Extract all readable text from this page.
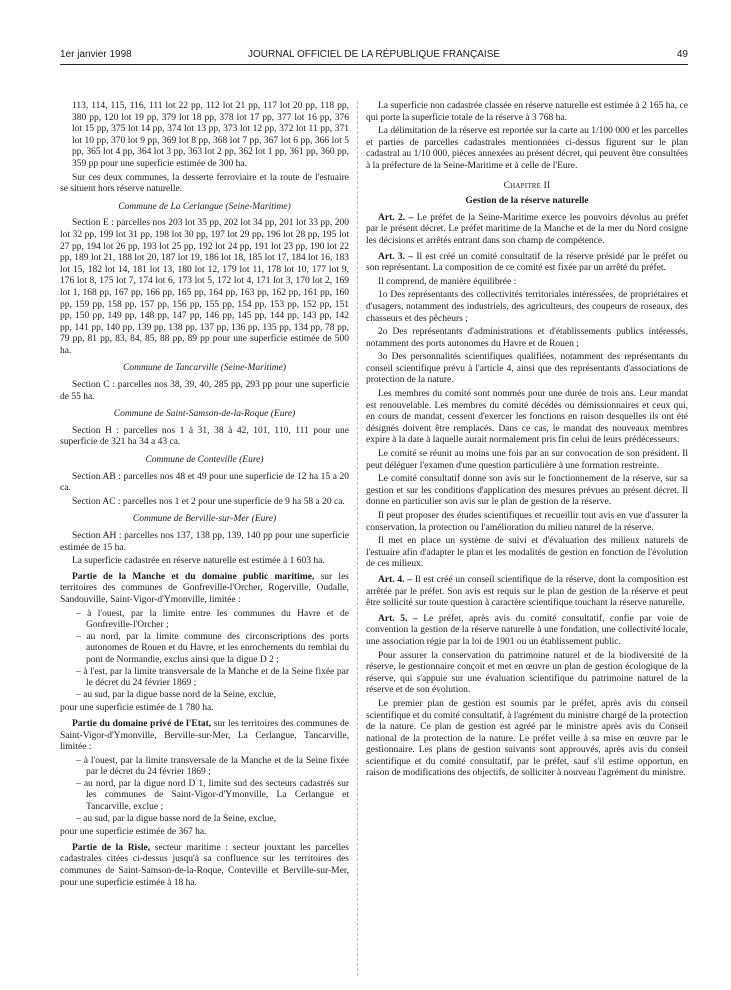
1er janvier 1998	JOURNAL OFFICIEL DE LA RÉPUBLIQUE FRANÇAISE	49

113, 114, 115, 116, 111 lot 22 pp, 112 lot 21 pp, 117 lot 20 pp, 118 pp, 380 pp, 120 lot 19 pp, 379 lot 18 pp, 378 lot 17 pp, 377 lot 16 pp, 376 lot 15 pp, 375 lot 14 pp, 374 lot 13 pp, 373 lot 12 pp, 372 lot 11 pp, 371 lot 10 pp, 370 lot 9 pp, 369 lot 8 pp, 368 lot 7 pp, 367 lot 6 pp, 366 lot 5 pp, 365 lot 4 pp, 364 lot 3 pp, 363 lot 2 pp, 362 lot 1 pp, 361 pp, 360 pp, 359 pp pour une superficie estimée de 300 ha.

Sur ces deux communes, la desserte ferroviaire et la route de l'estuaire se situent hors réserve naturelle.

Commune de La Cerlangue (Seine-Maritime)

Section E : parcelles nos 203 lot 35 pp, 202 lot 34 pp, 201 lot 33 pp, 200 lot 32 pp, 199 lot 31 pp, 198 lot 30 pp, 197 lot 29 pp, 196 lot 28 pp, 195 lot 27 pp, 194 lot 26 pp, 193 lot 25 pp, 192 lot 24 pp, 191 lot 23 pp, 190 lot 22 pp, 189 lot 21, 188 lot 20, 187 lot 19, 186 lot 18, 185 lot 17, 184 lot 16, 183 lot 15, 182 lot 14, 181 lot 13, 180 lot 12, 179 lot 11, 178 lot 10, 177 lot 9, 176 lot 8, 175 lot 7, 174 lot 6, 173 lot 5, 172 lot 4, 171 lot 3, 170 lot 2, 169 lot 1, 168 pp, 167 pp, 166 pp, 165 pp, 164 pp, 163 pp, 162 pp, 161 pp, 160 pp, 159 pp, 158 pp, 157 pp, 156 pp, 155 pp, 154 pp, 153 pp, 152 pp, 151 pp, 150 pp, 149 pp, 148 pp, 147 pp, 146 pp, 145 pp, 144 pp, 143 pp, 142 pp, 141 pp, 140 pp, 139 pp, 138 pp, 137 pp, 136 pp, 135 pp, 134 pp, 78 pp, 79 pp, 81 pp, 83, 84, 85, 88 pp, 89 pp pour une superficie estimée de 500 ha.

Commune de Tancarville (Seine-Maritime)

Section C : parcelles nos 38, 39, 40, 285 pp, 293 pp pour une superficie de 55 ha.

Commune de Saint-Samson-de-la-Roque (Eure)

Section H : parcelles nos 1 à 31, 38 à 42, 101, 110, 111 pour une superficie de 321 ha 34 a 43 ca.

Commune de Conteville (Eure)

Section AB : parcelles nos 48 et 49 pour une superficie de 12 ha 15 a 20 ca.

Section AC : parcelles nos 1 et 2 pour une superficie de 9 ha 58 a 20 ca.

Commune de Berville-sur-Mer (Eure)

Section AH : parcelles nos 137, 138 pp, 139, 140 pp pour une superficie estimée de 15 ha.

La superficie cadastrée en réserve naturelle est estimée à 1 603 ha.

Partie de la Manche et du domaine public maritime, sur les territoires des communes de Gonfreville-l'Orcher, Rogerville, Oudalle, Sandouville, Saint-Vigor-d'Ymonville, limitée :

– à l'ouest, par la limite entre les communes du Havre et de Gonfreville-l'Orcher ;
– au nord, par la limite commune des circonscriptions des ports autonomes de Rouen et du Havre, et les enrochements du remblai du pont de Normandie, exclus ainsi que la digue D 2 ;
– à l'est, par la limite transversale de la Manche et de la Seine fixée par le décret du 24 février 1869 ;
– au sud, par la digue basse nord de la Seine, exclue,

pour une superficie estimée de 1 780 ha.

Partie du domaine privé de l'Etat, sur les territoires des communes de Saint-Vigor-d'Ymonville, Berville-sur-Mer, La Cerlangue, Tancarville, limitée :

– à l'ouest, par la limite transversale de la Manche et de la Seine fixée par le décret du 24 février 1869 ;
– au nord, par la digue nord D 1, limite sud des secteurs cadastrés sur les communes de Saint-Vigor-d'Ymonville, La Cerlangue et Tancarville, exclue ;
– au sud, par la digue basse nord de la Seine, exclue,

pour une superficie estimée de 367 ha.

Partie de la Risle, secteur maritime : secteur jouxtant les parcelles cadastrales citées ci-dessus jusqu'à sa confluence sur les territoires des communes de Saint-Samson-de-la-Roque, Conteville et Berville-sur-Mer, pour une superficie estimée à 18 ha.

La superficie non cadastrée classée en réserve naturelle est estimée à 2 165 ha, ce qui porte la superficie totale de la réserve à 3 768 ha.

La délimitation de la réserve est reportée sur la carte au 1/100 000 et les parcelles et parties de parcelles cadastrales mentionnées ci-dessus figurent sur le plan cadastral au 1/10 000, pièces annexées au présent décret, qui peuvent être consultées à la préfecture de la Seine-Maritime et à celle de l'Eure.

Chapitre II
Gestion de la réserve naturelle

Art. 2. – Le préfet de la Seine-Maritime exerce les pouvoirs dévolus au préfet par le présent décret. Le préfet maritime de la Manche et de la mer du Nord cosigne les décisions et arrêtés entrant dans son champ de compétence.

Art. 3. – Il est créé un comité consultatif de la réserve présidé par le préfet ou son représentant. La composition de ce comité est fixée par un arrêté du préfet.

Il comprend, de manière équilibrée :

1o Des représentants des collectivités territoriales intéressées, de propriétaires et d'usagers, notamment des industriels, des agriculteurs, des coupeurs de roseaux, des chasseurs et des pêcheurs ;

2o Des représentants d'administrations et d'établissements publics intéressés, notamment des ports autonomes du Havre et de Rouen ;

3o Des personnalités scientifiques qualifiées, notamment des représentants du conseil scientifique prévu à l'article 4, ainsi que des représentants d'associations de protection de la nature.

Les membres du comité sont nommés pour une durée de trois ans. Leur mandat est renouvelable. Les membres du comité décédés ou démissionnaires et ceux qui, en cours de mandat, cessent d'exercer les fonctions en raison desquelles ils ont été désignés doivent être remplacés. Dans ce cas, le mandat des nouveaux membres expire à la date à laquelle aurait normalement pris fin celui de leurs prédécesseurs.

Le comité se réunit au moins une fois par an sur convocation de son président. Il peut déléguer l'examen d'une question particulière à une formation restreinte.

Le comité consultatif donne son avis sur le fonctionnement de la réserve, sur sa gestion et sur les conditions d'application des mesures prévues au présent décret. Il donne en particulier son avis sur le plan de gestion de la réserve.

Il peut proposer des études scientifiques et recueillir tout avis en vue d'assurer la conservation, la protection ou l'amélioration du milieu naturel de la réserve.

Il met en place un système de suivi et d'évaluation des milieux naturels de l'estuaire afin d'adapter le plan et les modalités de gestion en fonction de l'évolution de ces milieux.

Art. 4. – Il est créé un conseil scientifique de la réserve, dont la composition est arrêtée par le préfet. Son avis est requis sur le plan de gestion de la réserve et peut être sollicité sur toute question à caractère scientifique touchant la réserve naturelle.

Art. 5. – Le préfet, après avis du comité consultatif, confie par voie de convention la gestion de la réserve naturelle à une fondation, une collectivité locale, une association régie par la loi de 1901 ou un établissement public.

Pour assurer la conservation du patrimoine naturel et de la biodiversité de la réserve, le gestionnaire conçoit et met en œuvre un plan de gestion écologique de la réserve, qui s'appuie sur une évaluation scientifique du patrimoine naturel de la réserve et de son évolution.

Le premier plan de gestion est soumis par le préfet, après avis du conseil scientifique et du comité consultatif, à l'agrément du ministre chargé de la protection de la nature. Ce plan de gestion est agréé par le ministre après avis du Conseil national de la protection de la nature. Le préfet veille à sa mise en œuvre par le gestionnaire. Les plans de gestion suivants sont approuvés, après avis du conseil scientifique et du comité consultatif, par le préfet, sauf s'il estime opportun, en raison de modifications des objectifs, de solliciter à nouveau l'agrément du ministre.
